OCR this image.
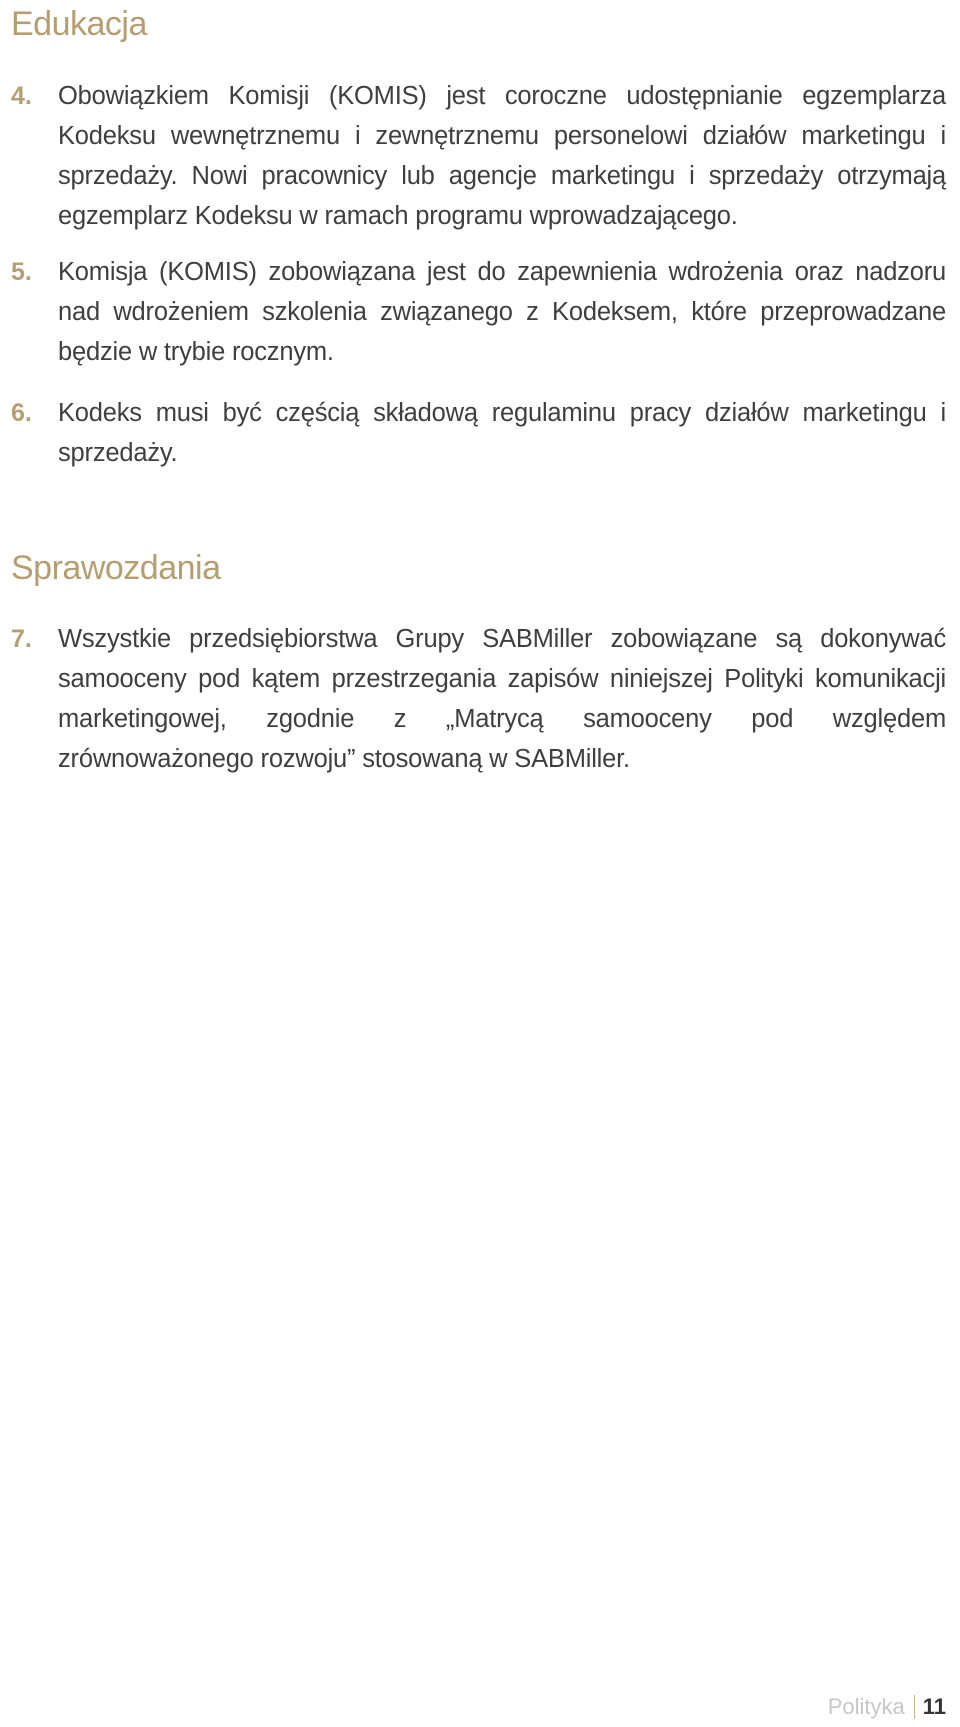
Edukacja
4. Obowiązkiem Komisji (KOMIS) jest coroczne udostępnianie egzemplarza Kodeksu wewnętrznemu i zewnętrznemu personelowi działów marketingu i sprzedaży. Nowi pracownicy lub agencje marketingu i sprzedaży otrzymają egzemplarz Kodeksu w ramach programu wprowadzającego.

5. Komisja (KOMIS) zobowiązana jest do zapewnienia wdrożenia oraz nadzoru nad wdrożeniem szkolenia związanego z Kodeksem, które przeprowadzane będzie w trybie rocznym.

6. Kodeks musi być częścią składową regulaminu pracy działów marketingu i sprzedaży.

Sprawozdania
7. Wszystkie przedsiębiorstwa Grupy SABMiller zobowiązane są dokonywać samooceny pod kątem przestrzegania zapisów niniejszej Polityki komunikacji marketingowej, zgodnie z „Matrycą samooceny pod względem zrównoważonego rozwoju” stosowaną w SABMiller.

Polityka 11
